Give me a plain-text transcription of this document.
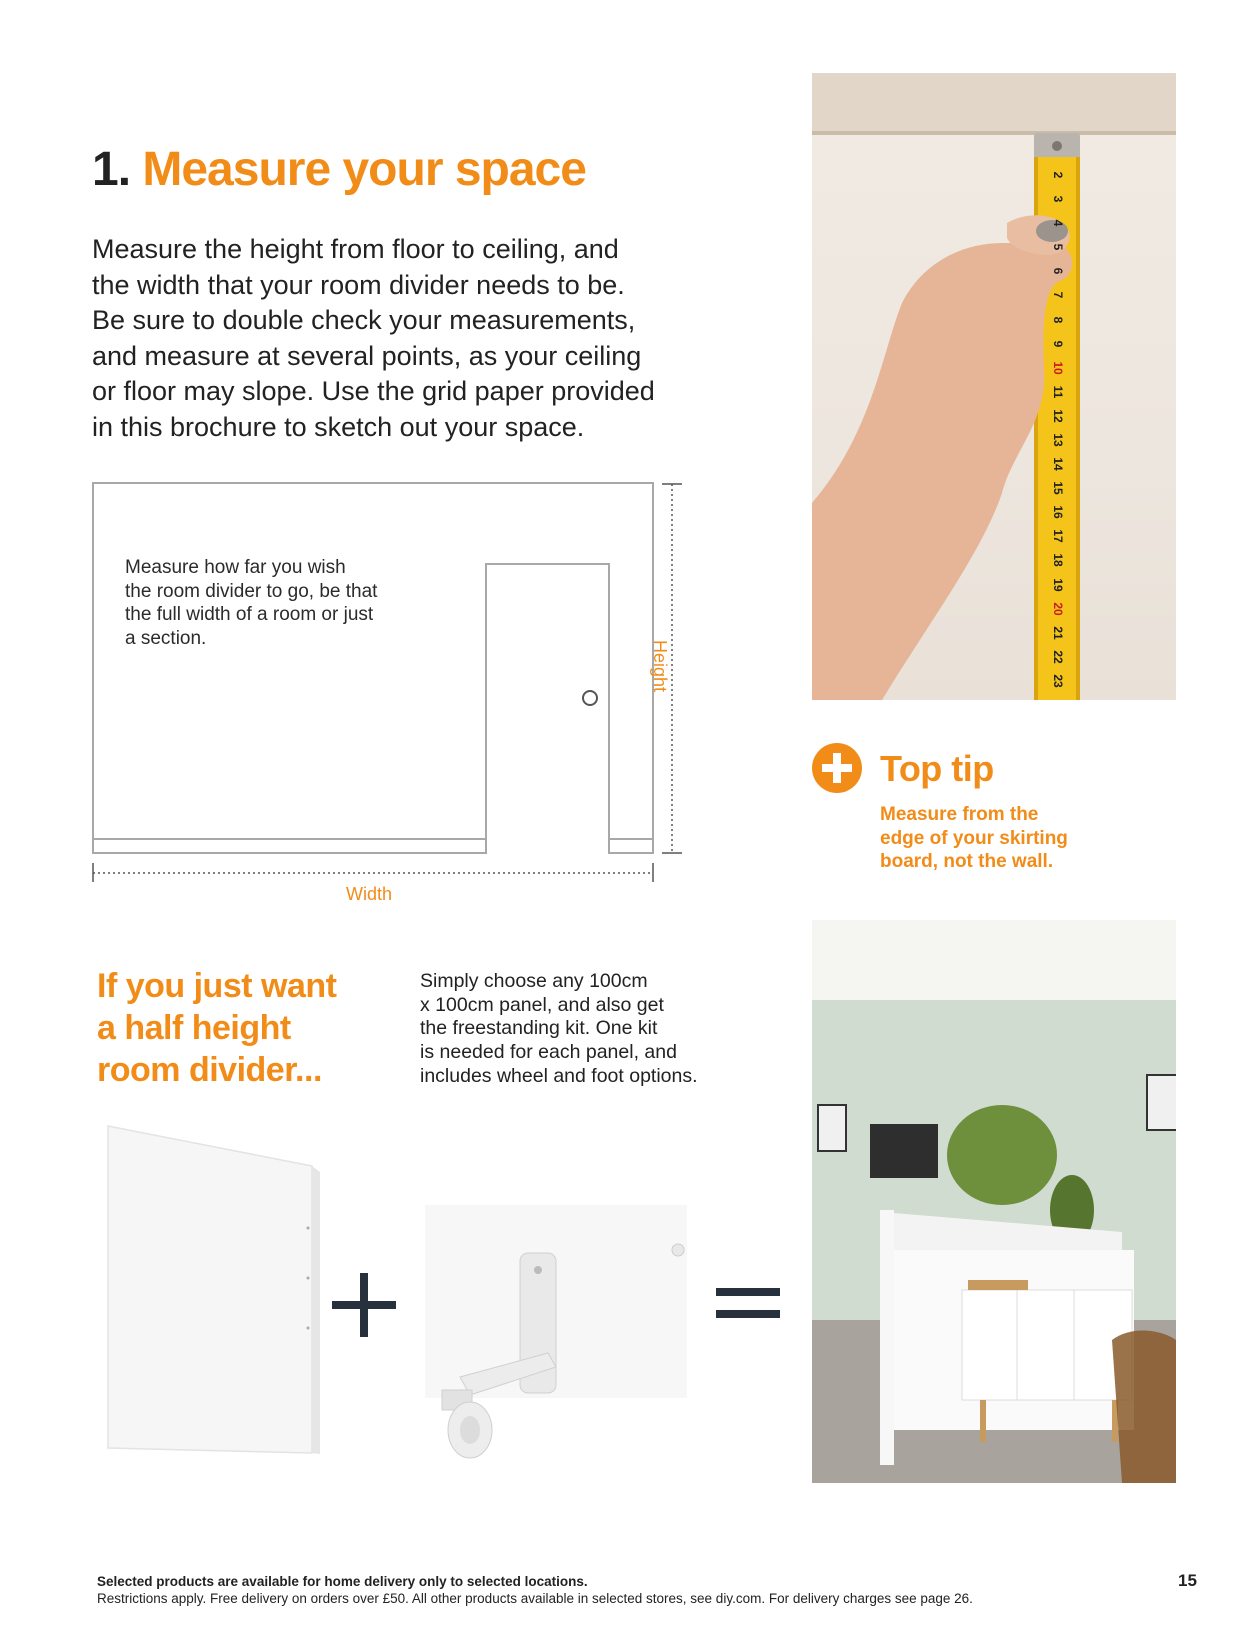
1. Measure your space
Measure the height from floor to ceiling, and
the width that your room divider needs to be.
Be sure to double check your measurements,
and measure at several points, as your ceiling
or floor may slope. Use the grid paper provided
in this brochure to sketch out your space.
Measure how far you wish
the room divider to go, be that
the full width of a room or just
a section.
Height
Width
2
3
4
5
6
7
8
9
10
11
12
13
14
15
16
17
18
19
20
21
22
23
Top tip
Measure from the
edge of your skirting
board, not the wall.
If you just want
a half height
room divider...
Simply choose any 100cm
x 100cm panel, and also get
the freestanding kit. One kit
is needed for each panel, and
includes wheel and foot options.
Selected products are available for home delivery only to selected locations.
Restrictions apply. Free delivery on orders over £50. All other products available in selected stores, see diy.com. For delivery charges see page 26.
15
